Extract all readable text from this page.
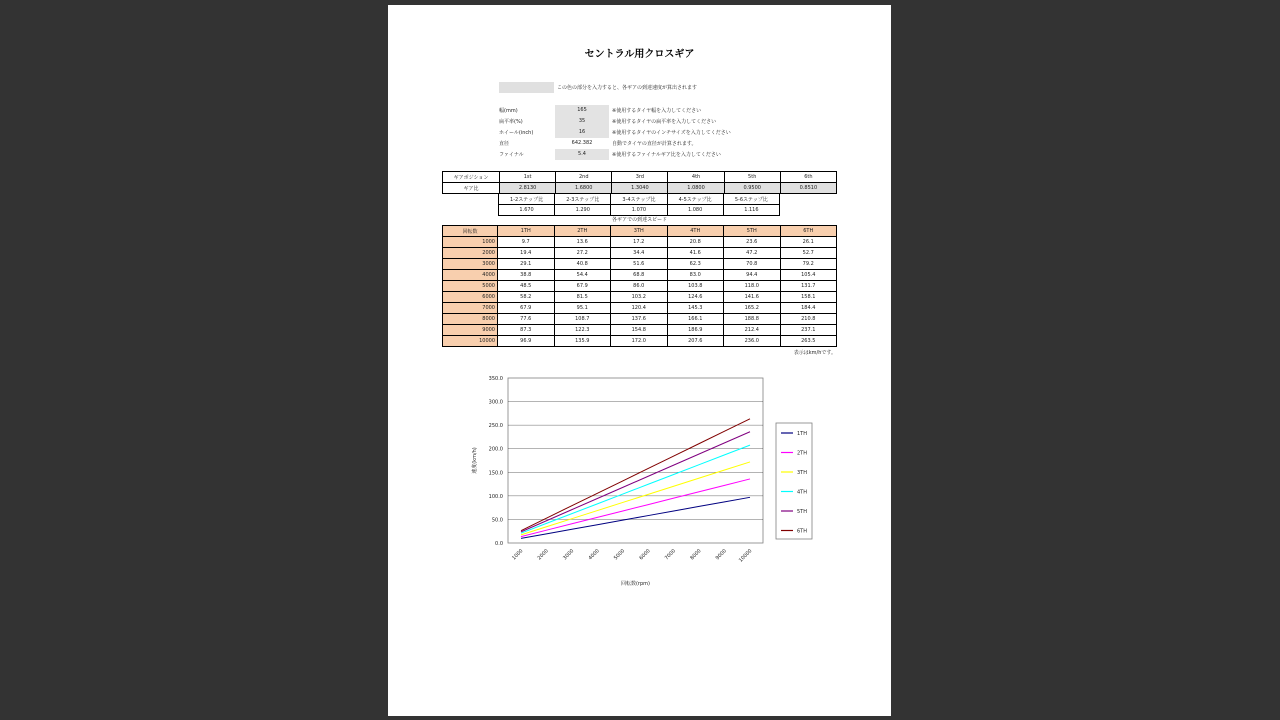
セントラル用クロスギア
この色の部分を入力すると、各ギアの到達速度が算出されます
幅(mm)	165	※使用するタイヤ幅を入力してください
扁平率(%)	35	※使用するタイヤの扁平率を入力してください
ホイール(inch)	16	※使用するタイヤのインチサイズを入力してください
直径	642.382	自動でタイヤの直径が計算されます。
ファイナル	5.4	※使用するファイナルギア比を入力してください
ギアポジション	1st	2nd	3rd	4th	5th	6th
ギア比	2.8130	1.6800	1.3040	1.0800	0.9500	0.8510
1-2ステップ比	2-3ステップ比	3-4ステップ比	4-5ステップ比	5-6ステップ比
1.670	1.290	1.070	1.080	1.116
各ギアでの到達スピード
回転数	1TH	2TH	3TH	4TH	5TH	6TH
1000	9.7	13.6	17.2	20.8	23.6	26.1
2000	19.4	27.2	34.4	41.6	47.2	52.7
3000	29.1	40.8	51.6	62.3	70.8	79.2
4000	38.8	54.4	68.8	83.0	94.4	105.4
5000	48.5	67.9	86.0	103.8	118.0	131.7
6000	58.2	81.5	103.2	124.6	141.6	158.1
7000	67.9	95.1	120.4	145.3	165.2	184.4
8000	77.6	108.7	137.6	166.1	188.8	210.8
9000	87.3	122.3	154.8	186.9	212.4	237.1
10000	96.9	135.9	172.0	207.6	236.0	263.5
表示はkm/hです。
0.0
50.0
100.0
150.0
200.0
250.0
300.0
350.0
1000 2000 3000 4000 5000 6000 7000 8000 9000 10000
回転数(rpm)
速度(km/h)
1TH
2TH
3TH
4TH
5TH
6TH
